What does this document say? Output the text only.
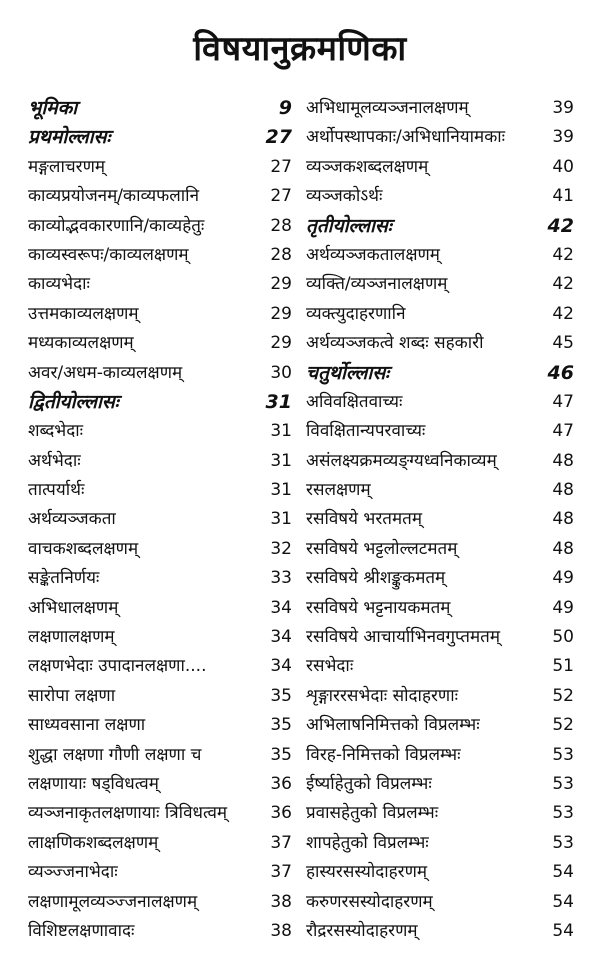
विषयानुक्रमणिका
भूमिका	9
प्रथमोल्लासः	27
मङ्गलाचरणम्	27
काव्यप्रयोजनम्/काव्यफलानि	27
काव्योद्भवकारणानि/काव्यहेतुः	28
काव्यस्वरूपः/काव्यलक्षणम्	28
काव्यभेदाः	29
उत्तमकाव्यलक्षणम्	29
मध्यकाव्यलक्षणम्	29
अवर/अधम-काव्यलक्षणम्	30
द्वितीयोल्लासः	31
शब्दभेदाः	31
अर्थभेदाः	31
तात्पर्यार्थः	31
अर्थव्यञ्जकता	31
वाचकशब्दलक्षणम्	32
सङ्केतनिर्णयः	33
अभिधालक्षणम्	34
लक्षणालक्षणम्	34
लक्षणभेदाः उपादानलक्षणा....	34
सारोपा लक्षणा	35
साध्यवसाना लक्षणा	35
शुद्धा लक्षणा गौणी लक्षणा च	35
लक्षणायाः षड्विधत्वम्	36
व्यञ्जनाकृतलक्षणायाः त्रिविधत्वम्	36
लाक्षणिकशब्दलक्षणम्	37
व्यञ्ज्जनाभेदाः	37
लक्षणामूलव्यञ्ज्जनालक्षणम्	38
विशिष्टलक्षणावादः	38
अभिधामूलव्यञ्जनालक्षणम्	39
अर्थोपस्थापकाः/अभिधानियामकाः	39
व्यञ्जकशब्दलक्षणम्	40
व्यञ्जकोऽर्थः	41
तृतीयोल्लासः	42
अर्थव्यञ्जकतालक्षणम्	42
व्यक्ति/व्यञ्जनालक्षणम्	42
व्यक्त्युदाहरणानि	42
अर्थव्यञ्जकत्वे शब्दः सहकारी	45
चतुर्थोल्लासः	46
अविवक्षितवाच्यः	47
विवक्षितान्यपरवाच्यः	47
असंलक्ष्यक्रमव्यङ्ग्यध्वनिकाव्यम्	48
रसलक्षणम्	48
रसविषये भरतमतम्	48
रसविषये भट्टलोल्लटमतम्	48
रसविषये श्रीशङ्कुकमतम्	49
रसविषये भट्टनायकमतम्	49
रसविषये आचार्याभिनवगुप्तमतम्	50
रसभेदाः	51
शृङ्गाररसभेदाः सोदाहरणाः	52
अभिलाषनिमित्तको विप्रलम्भः	52
विरह-निमित्तको विप्रलम्भः	53
ईर्ष्याहेतुको विप्रलम्भः	53
प्रवासहेतुको विप्रलम्भः	53
शापहेतुको विप्रलम्भः	53
हास्यरसस्योदाहरणम्	54
करुणरसस्योदाहरणम्	54
रौद्ररसस्योदाहरणम्	54
